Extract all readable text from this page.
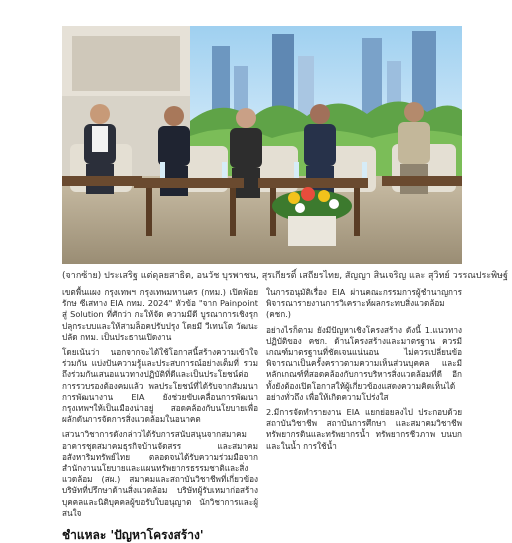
(จากซ้าย) ประเสริฐ แต่ดุลยสาธิต, อนวัช บุรพาชน, สุรเกียรติ์ เสถียรไทย, สัญญา สินเจริญ และ สุวิทย์ วรรณประพิษฐ์

เขตพื้นแผง กรุงเทพฯ กรุงเทพมหานคร (กทม.) เปิดพ้อยรักษ ซีเสทาง EIA กทม. 2024" หัวข้อ "จาก Painpoint สู่ Solution ที่ศักว่า กะให้จัด ความมีดี บูรณาการเชิงรุก ปลุกระบบและให้สามล็อคปรับปรุง โดยมี วีเทนโต วัฒนะ ปลัด กทม. เป็นประธานเปิดงาน

โดยเน้นว่า นอกจากจะได้ใช้โอกาสนี้สร้างความเข้าใจร่วมกัน แบ่งปันความรู้และประสบการณ์อย่างเต็มที่ รวมถึงร่วมกันเสนอแนวทางปฏิบัติที่ดีและเป็นประโยชน์ต่อการรวบรองต้องคมแล้ว พลประโยชน์ที่ได้รับจากสัมมนาการพัฒนางาน EIA ยังช่วยขับเคลื่อนการพัฒนากรุงเทพฯให้เป็นเมืองน่าอยู่ สอดคล้องกับนโยบายเพื่อผลักดันการจัดการสิ่งแวดล้อมในอนาคต

เสวนาวิชาการดังกล่าวได้รับการสนับสนุนจากสมาคมอาคารชุดสมาคมธุรกิจบ้านจัดสรร และสมาคมอสังหาริมทรัพย์ไทย ตลอดจนได้รับความร่วมมือจากสำนักงานนโยบายและแผนทรัพยากรธรรมชาติและสิ่งแวดล้อม (สผ.) สมาคมและสถาบันวิชาชีพที่เกี่ยวข้อง บริษัทที่ปรึกษาด้านสิ่งแวดล้อม บริษัทผู้รับเหมาก่อสร้าง บุคคลและนิติบุคคลผู้ขอรับใบอนุญาต นักวิชาการและผู้สนใจ

ชำแหละ 'ปัญหาโครงสร้าง'

ในการอนุมัติเรื่อง EIA ผ่านคณะกรรมการผู้ชำนาญการพิจารณารายงานการวิเคราะห์ผลกระทบสิ่งแวดล้อม (คชก.)

อย่างไรก็ตาม ยังมีปัญหาเชิงโครงสร้าง ดังนี้ 1.แนวทางปฏิบัติของ คชก. ด้านโครงสร้างและมาตรฐาน ควรมีเกณฑ์มาตรฐานที่ชัดเจนแน่นอน ไม่ควรเปลี่ยนข้อพิจารณาเป็นครั้งคราวตามความเห็นส่วนบุคคล และมีหลักเกณฑ์ที่สอดคล้องกับการบริหารสิ่งแวดล้อมที่ดี อีกทั้งยังต้องเปิดโอกาสให้ผู้เกี่ยวข้องแสดงความคิดเห็นได้อย่างทั่วถึง เพื่อให้เกิดความโปร่งใส

2.มีการจัดทำรายงาน EIA แยกย่อยลงไป ประกอบด้วย สถาบันวิชาชีพ สถาบันการศึกษา และสมาคมวิชาชีพ ทรัพยากรดินและทรัพยากรน้ำ ทรัพยากรชีวภาพ บนบก และในน้ำ การใช้น้ำ
